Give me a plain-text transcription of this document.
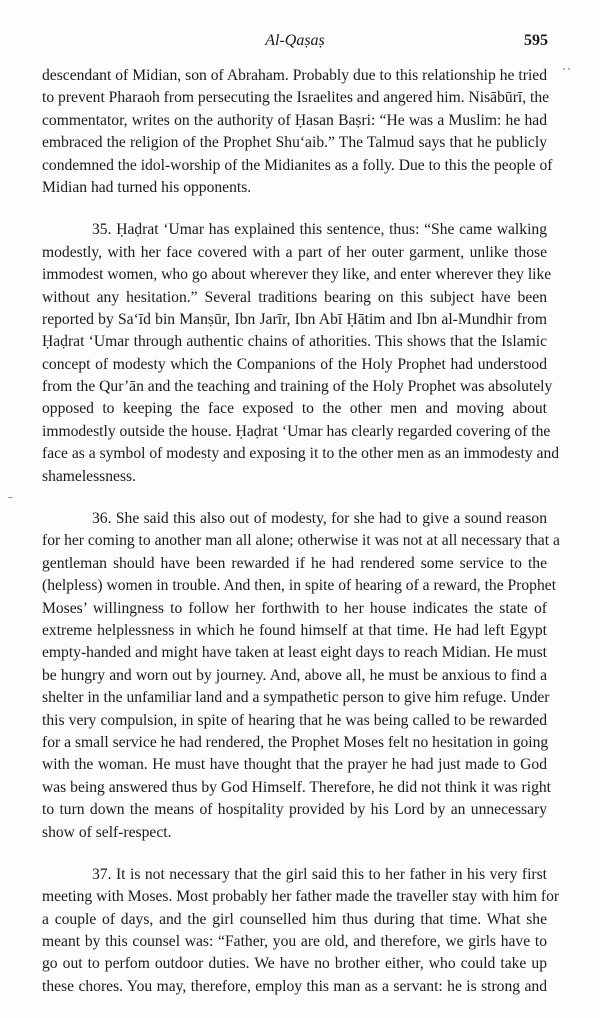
Al-Qaṣaṣ	595
descendant of Midian, son of Abraham. Probably due to this relationship he tried
to prevent Pharaoh from persecuting the Israelites and angered him. Nisābūrī, the
commentator, writes on the authority of Ḥasan Baṣri: “He was a Muslim: he had
embraced the religion of the Prophet Shu‘aib.” The Talmud says that he publicly
condemned the idol-worship of the Midianites as a folly. Due to this the people of
Midian had turned his opponents.
35. Ḥaḍrat ‘Umar has explained this sentence, thus: “She came walking
modestly, with her face covered with a part of her outer garment, unlike those
immodest women, who go about wherever they like, and enter wherever they like
without any hesitation.” Several traditions bearing on this subject have been
reported by Sa‘īd bin Manṣūr, Ibn Jarīr, Ibn Abī Ḥātim and Ibn al-Mundhir from
Ḥaḍrat ‘Umar through authentic chains of athorities. This shows that the Islamic
concept of modesty which the Companions of the Holy Prophet had understood
from the Qur’ān and the teaching and training of the Holy Prophet was absolutely
opposed to keeping the face exposed to the other men and moving about
immodestly outside the house. Ḥaḍrat ‘Umar has clearly regarded covering of the
face as a symbol of modesty and exposing it to the other men as an immodesty and
shamelessness.
36. She said this also out of modesty, for she had to give a sound reason
for her coming to another man all alone; otherwise it was not at all necessary that a
gentleman should have been rewarded if he had rendered some service to the
(helpless) women in trouble. And then, in spite of hearing of a reward, the Prophet
Moses’ willingness to follow her forthwith to her house indicates the state of
extreme helplessness in which he found himself at that time. He had left Egypt
empty-handed and might have taken at least eight days to reach Midian. He must
be hungry and worn out by journey. And, above all, he must be anxious to find a
shelter in the unfamiliar land and a sympathetic person to give him refuge. Under
this very compulsion, in spite of hearing that he was being called to be rewarded
for a small service he had rendered, the Prophet Moses felt no hesitation in going
with the woman. He must have thought that the prayer he had just made to God
was being answered thus by God Himself. Therefore, he did not think it was right
to turn down the means of hospitality provided by his Lord by an unnecessary
show of self-respect.
37. It is not necessary that the girl said this to her father in his very first
meeting with Moses. Most probably her father made the traveller stay with him for
a couple of days, and the girl counselled him thus during that time. What she
meant by this counsel was: “Father, you are old, and therefore, we girls have to
go out to perfom outdoor duties. We have no brother either, who could take up
these chores. You may, therefore, employ this man as a servant: he is strong and
